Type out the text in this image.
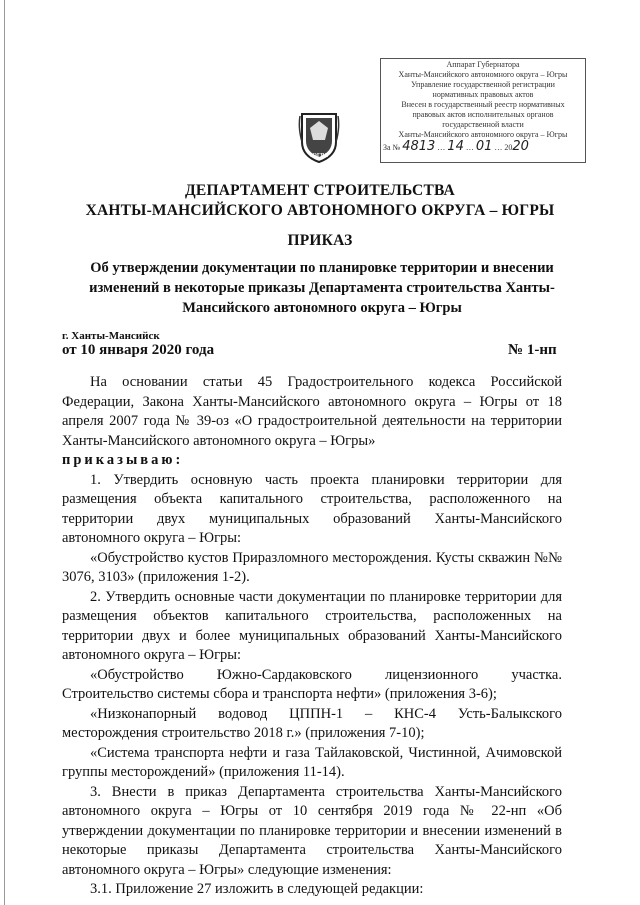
Аппарат Губернатора
Ханты-Мансийского автономного округа – Югры
Управление государственной регистрации
нормативных правовых актов
Внесен в государственный реестр нормативных
правовых актов исполнительных органов
государственной власти
Ханты-Мансийского автономного округа – Югры
За № 4813 … 14 … 01 … 2020
ЮГРА
ДЕПАРТАМЕНТ СТРОИТЕЛЬСТВА
ХАНТЫ-МАНСИЙСКОГО АВТОНОМНОГО ОКРУГА – ЮГРЫ
ПРИКАЗ
Об утверждении документации по планировке территории и внесении изменений в некоторые приказы Департамента строительства Ханты-Мансийского автономного округа – Югры
г. Ханты-Мансийск
от 10 января 2020 года	№ 1-нп

На основании статьи 45 Градостроительного кодекса Российской Федерации, Закона Ханты-Мансийского автономного округа – Югры от 18 апреля 2007 года № 39-оз «О градостроительной деятельности на территории Ханты-Мансийского автономного округа – Югры»

приказываю:

1. Утвердить основную часть проекта планировки территории для размещения объекта капитального строительства, расположенного на территории двух муниципальных образований Ханты-Мансийского автономного округа – Югры:

«Обустройство кустов Приразломного месторождения. Кусты скважин №№ 3076, 3103» (приложения 1-2).

2. Утвердить основные части документации по планировке территории для размещения объектов капитального строительства, расположенных на территории двух и более муниципальных образований Ханты-Мансийского автономного округа – Югры:

«Обустройство Южно-Сардаковского лицензионного участка. Строительство системы сбора и транспорта нефти» (приложения 3-6);

«Низконапорный водовод ЦППН-1 – КНС-4 Усть-Балыкского месторождения строительство 2018 г.» (приложения 7-10);

«Система транспорта нефти и газа Тайлаковской, Чистинной, Ачимовской группы месторождений» (приложения 11-14).

3. Внести в приказ Департамента строительства Ханты-Мансийского автономного округа – Югры от 10 сентября 2019 года № 22-нп «Об утверждении документации по планировке территории и внесении изменений в некоторые приказы Департамента строительства Ханты-Мансийского автономного округа – Югры» следующие изменения:

3.1. Приложение 27 изложить в следующей редакции:
